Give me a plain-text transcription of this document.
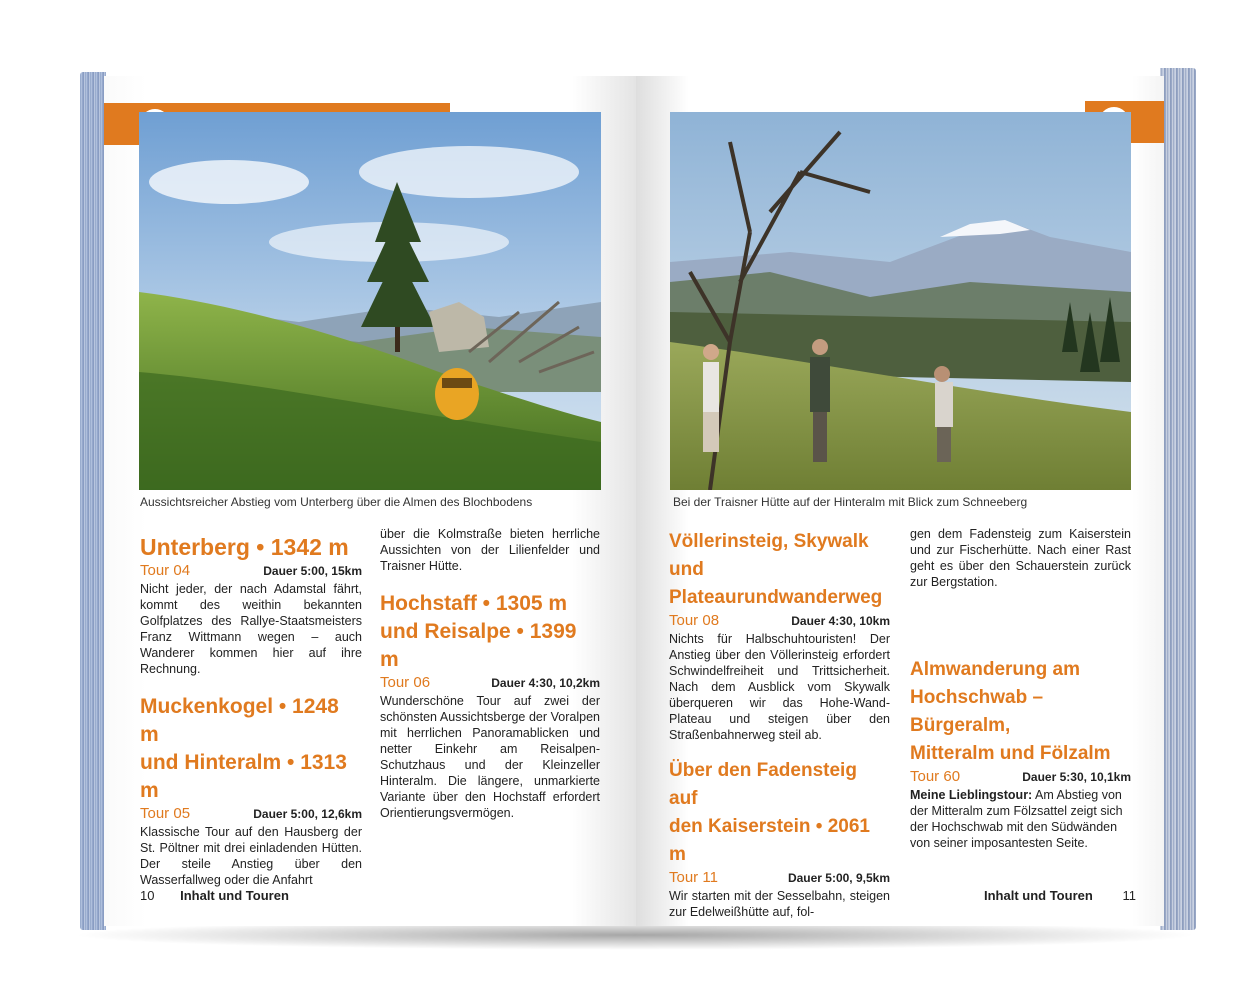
Aussichtsreicher Abstieg vom Unterberg über die Almen des Blochbodens	Bei der Traisner Hütte auf der Hinteralm mit Blick zum Schneeberg
Unterberg • 1342 m
Tour 04	Dauer 5:00, 15km

Nicht jeder, der nach Adamstal fährt, kommt des weithin bekannten Golfplatzes des Rallye-Staatsmeisters Franz Wittmann wegen – auch Wanderer kommen hier auf ihre Rechnung.

Muckenkogel • 1248 m
und Hinteralm • 1313 m
Tour 05	Dauer 5:00, 12,6km

Klassische Tour auf den Hausberg der St. Pöltner mit drei einladenden Hütten. Der steile Anstieg über den Wasserfallweg oder die Anfahrt

über die Kolmstraße bieten herrliche Aussichten von der Lilienfelder und Traisner Hütte.

Hochstaff • 1305 m
und Reisalpe • 1399 m
Tour 06	Dauer 4:30, 10,2km

Wunderschöne Tour auf zwei der schönsten Aussichtsberge der Voralpen mit herrlichen Panoramablicken und netter Einkehr am Reisalpen-Schutzhaus und der Kleinzeller Hinteralm. Die längere, unmarkierte Variante über den Hochstaff erfordert Orientierungsvermögen.

Völlerinsteig, Skywalk und
Plateaurundwanderweg
Tour 08	Dauer 4:30, 10km

Nichts für Halbschuhtouristen! Der Anstieg über den Völlerinsteig erfordert Schwindelfreiheit und Trittsicherheit. Nach dem Ausblick vom Skywalk überqueren wir das Hohe-Wand-Plateau und steigen über den Straßenbahnerweg steil ab.

Über den Fadensteig auf
den Kaiserstein • 2061 m
Tour 11	Dauer 5:00, 9,5km

Wir starten mit der Sesselbahn, steigen zur Edelweißhütte auf, fol-

gen dem Fadensteig zum Kaiserstein und zur Fischerhütte. Nach einer Rast geht es über den Schauerstein zurück zur Bergstation.

Almwanderung am
Hochschwab – Bürgeralm,
Mitteralm und Fölzalm
Tour 60	Dauer 5:30, 10,1km

Meine Lieblingstour: Am Abstieg von der Mitteralm zum Fölzsattel zeigt sich der Hochschwab mit den Südwänden von seiner imposantesten Seite.

10 Inhalt und Touren	Inhalt und Touren 11
